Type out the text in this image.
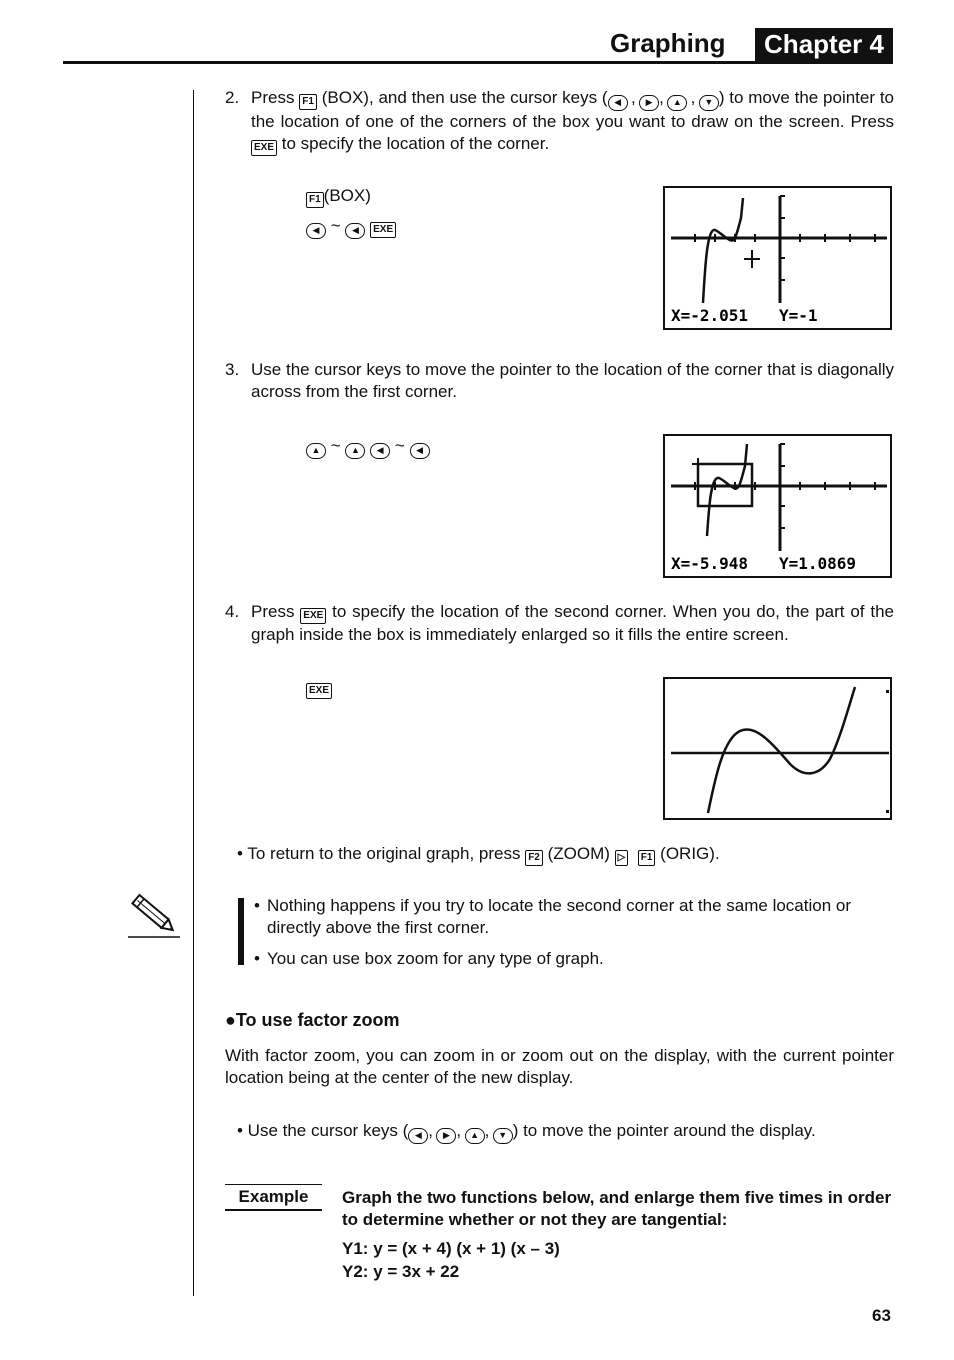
Graphing	Chapter 4
2. Press F1 (BOX), and then use the cursor keys ( ◀ , ▶ , ▲ , ▼ ) to move the pointer to the location of one of the corners of the box you want to draw on the screen. Press EXE to specify the location of the corner.
F1 (BOX)
◀ ~ ◀ EXE
X=-2.051 Y=-1
3. Use the cursor keys to move the pointer to the location of the corner that is diagonally across from the first corner.
▲ ~ ▲ ◀ ~ ◀
X=-5.948 Y=1.0869
4. Press EXE to specify the location of the second corner. When you do, the part of the graph inside the box is immediately enlarged so it fills the entire screen.
EXE
• To return to the original graph, press F2 (ZOOM) ▷ F1 (ORIG).
• Nothing happens if you try to locate the second corner at the same location or directly above the first corner.
• You can use box zoom for any type of graph.
●To use factor zoom
With factor zoom, you can zoom in or zoom out on the display, with the current pointer location being at the center of the new display.
• Use the cursor keys ( ◀ , ▶ , ▲ , ▼ ) to move the pointer around the display.
Example	Graph the two functions below, and enlarge them five times in order to determine whether or not they are tangential:
Y1: y = (x + 4) (x + 1) (x – 3)
Y2: y = 3x + 22
63
